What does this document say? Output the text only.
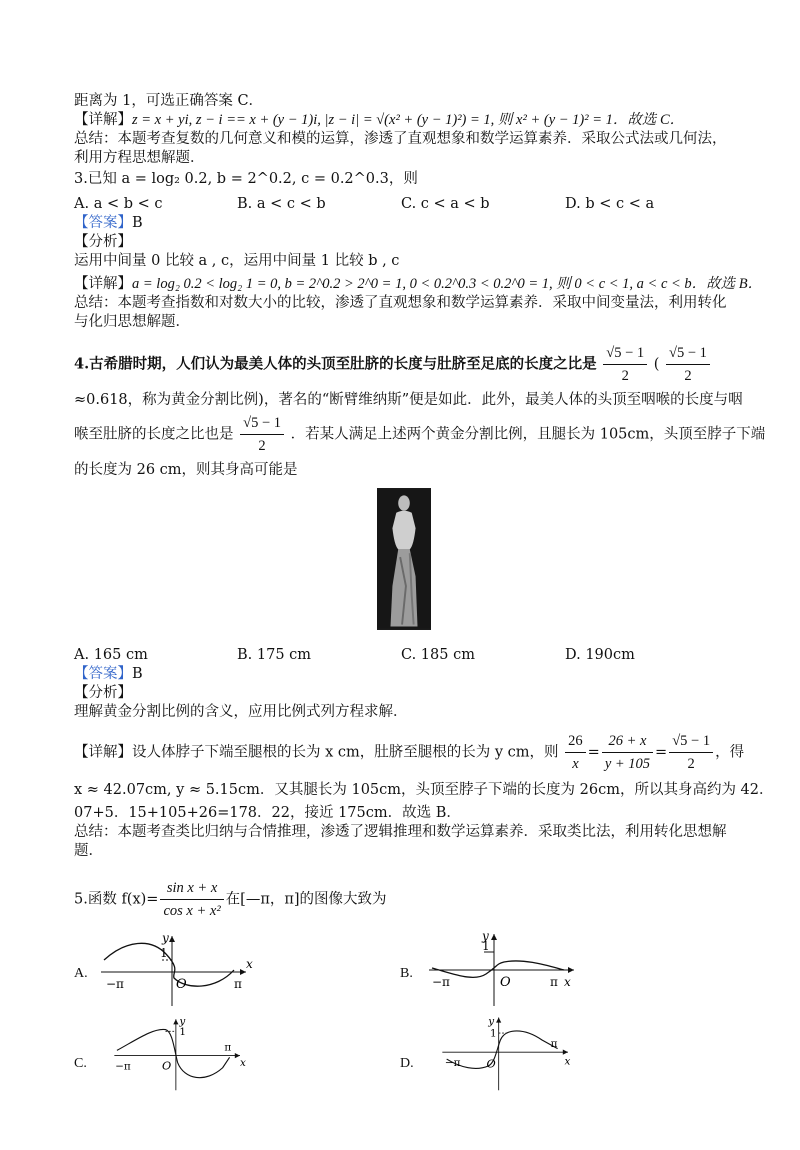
距离为 1，可选正确答案 C．

【详解】z = x + yi, z − i == x + (y − 1)i, |z − i| = √(x² + (y − 1)²) = 1, 则 x² + (y − 1)² = 1．故选 C．

总结：本题考查复数的几何意义和模的运算，渗透了直观想象和数学运算素养．采取公式法或几何法，利用方程思想解题．

3.已知 a = log₂ 0.2, b = 2^0.2, c = 0.2^0.3，则

A. a < b < c	B. a < c < b	C. c < a < b	D. b < c < a

【答案】B

【分析】

运用中间量 0 比较 a , c，运用中间量 1 比较 b , c

【详解】a = log₂ 0.2 < log₂ 1 = 0, b = 2^0.2 > 2^0 = 1, 0 < 0.2^0.3 < 0.2^0 = 1, 则 0 < c < 1, a < c < b．故选 B．

总结：本题考查指数和对数大小的比较，渗透了直观想象和数学运算素养．采取中间变量法，利用转化与化归思想解题．

4.古希腊时期，人们认为最美人体的头顶至肚脐的长度与肚脐至足底的长度之比是 $\frac{√5 - 1}{2}$ ( $\frac{√5 - 1}{2}$

≈0.618，称为黄金分割比例)，著名的“断臂维纳斯”便是如此．此外，最美人体的头顶至咽喉的长度与咽

喉至肚脐的长度之比也是 $\frac{√5 - 1}{2}$ ．若某人满足上述两个黄金分割比例，且腿长为 105cm，头顶至脖子下端

的长度为 26 cm，则其身高可能是

A. 165 cm	B. 175 cm	C. 185 cm	D. 190cm

【答案】B

【分析】

理解黄金分割比例的含义，应用比例式列方程求解．

【详解】设人体脖子下端至腿根的长为 x cm，肚脐至腿根的长为 y cm，则 $\frac{26}{x} = \frac{26 + x}{y + 105} = \frac{√5 - 1}{2}$ ，得

x ≈ 42.07cm, y ≈ 5.15cm．又其腿长为 105cm，头顶至脖子下端的长度为 26cm，所以其身高约为 42．

07+5．15+105+26=178．22，接近 175cm．故选 B．

总结：本题考查类比归纳与合情推理，渗透了逻辑推理和数学运算素养．采取类比法，利用转化思想解题．

5.函数 $f(x)= \frac{\text{sin x + x}}{\text{cos x + x²}}$ 在[—π，π]的图像大致为
A.
−π	π
O
1
y
x
B.
−π	π
O
1
y
x
C. −π
π
O
1
y
x	D.	−π
π
O
1
y
x
